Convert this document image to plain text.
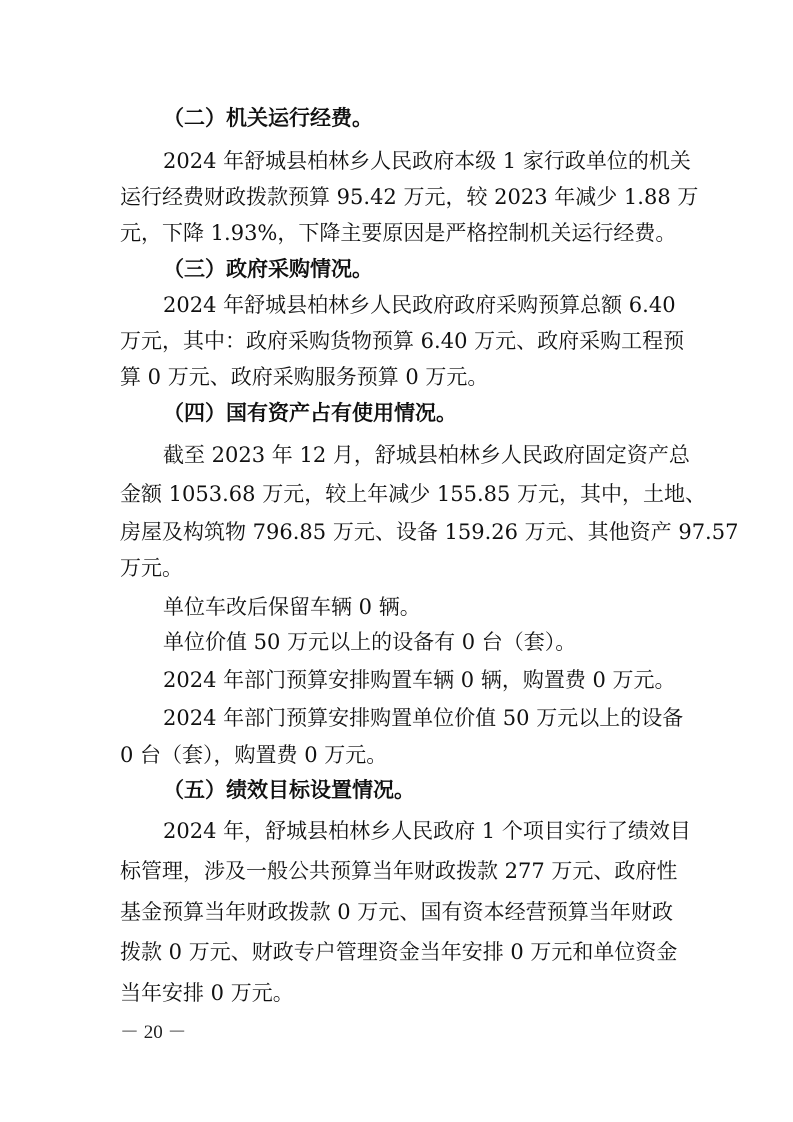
（二）机关运行经费。
2024 年舒城县柏林乡人民政府本级 1 家行政单位的机关
运行经费财政拨款预算 95.42 万元，较 2023 年减少 1.88 万
元，下降 1.93%，下降主要原因是严格控制机关运行经费。
（三）政府采购情况。
2024 年舒城县柏林乡人民政府政府采购预算总额 6.40
万元，其中：政府采购货物预算 6.40 万元、政府采购工程预
算 0 万元、政府采购服务预算 0 万元。
（四）国有资产占有使用情况。
截至 2023 年 12 月，舒城县柏林乡人民政府固定资产总
金额 1053.68 万元，较上年减少 155.85 万元，其中，土地、
房屋及构筑物 796.85 万元、设备 159.26 万元、其他资产 97.57
万元。
单位车改后保留车辆 0 辆。
单位价值 50 万元以上的设备有 0 台（套）。
2024 年部门预算安排购置车辆 0 辆，购置费 0 万元。
2024 年部门预算安排购置单位价值 50 万元以上的设备
0 台（套），购置费 0 万元。
（五）绩效目标设置情况。
2024 年，舒城县柏林乡人民政府 1 个项目实行了绩效目
标管理，涉及一般公共预算当年财政拨款 277 万元、政府性
基金预算当年财政拨款 0 万元、国有资本经营预算当年财政
拨款 0 万元、财政专户管理资金当年安排 0 万元和单位资金
当年安排 0 万元。
－ 20 －
